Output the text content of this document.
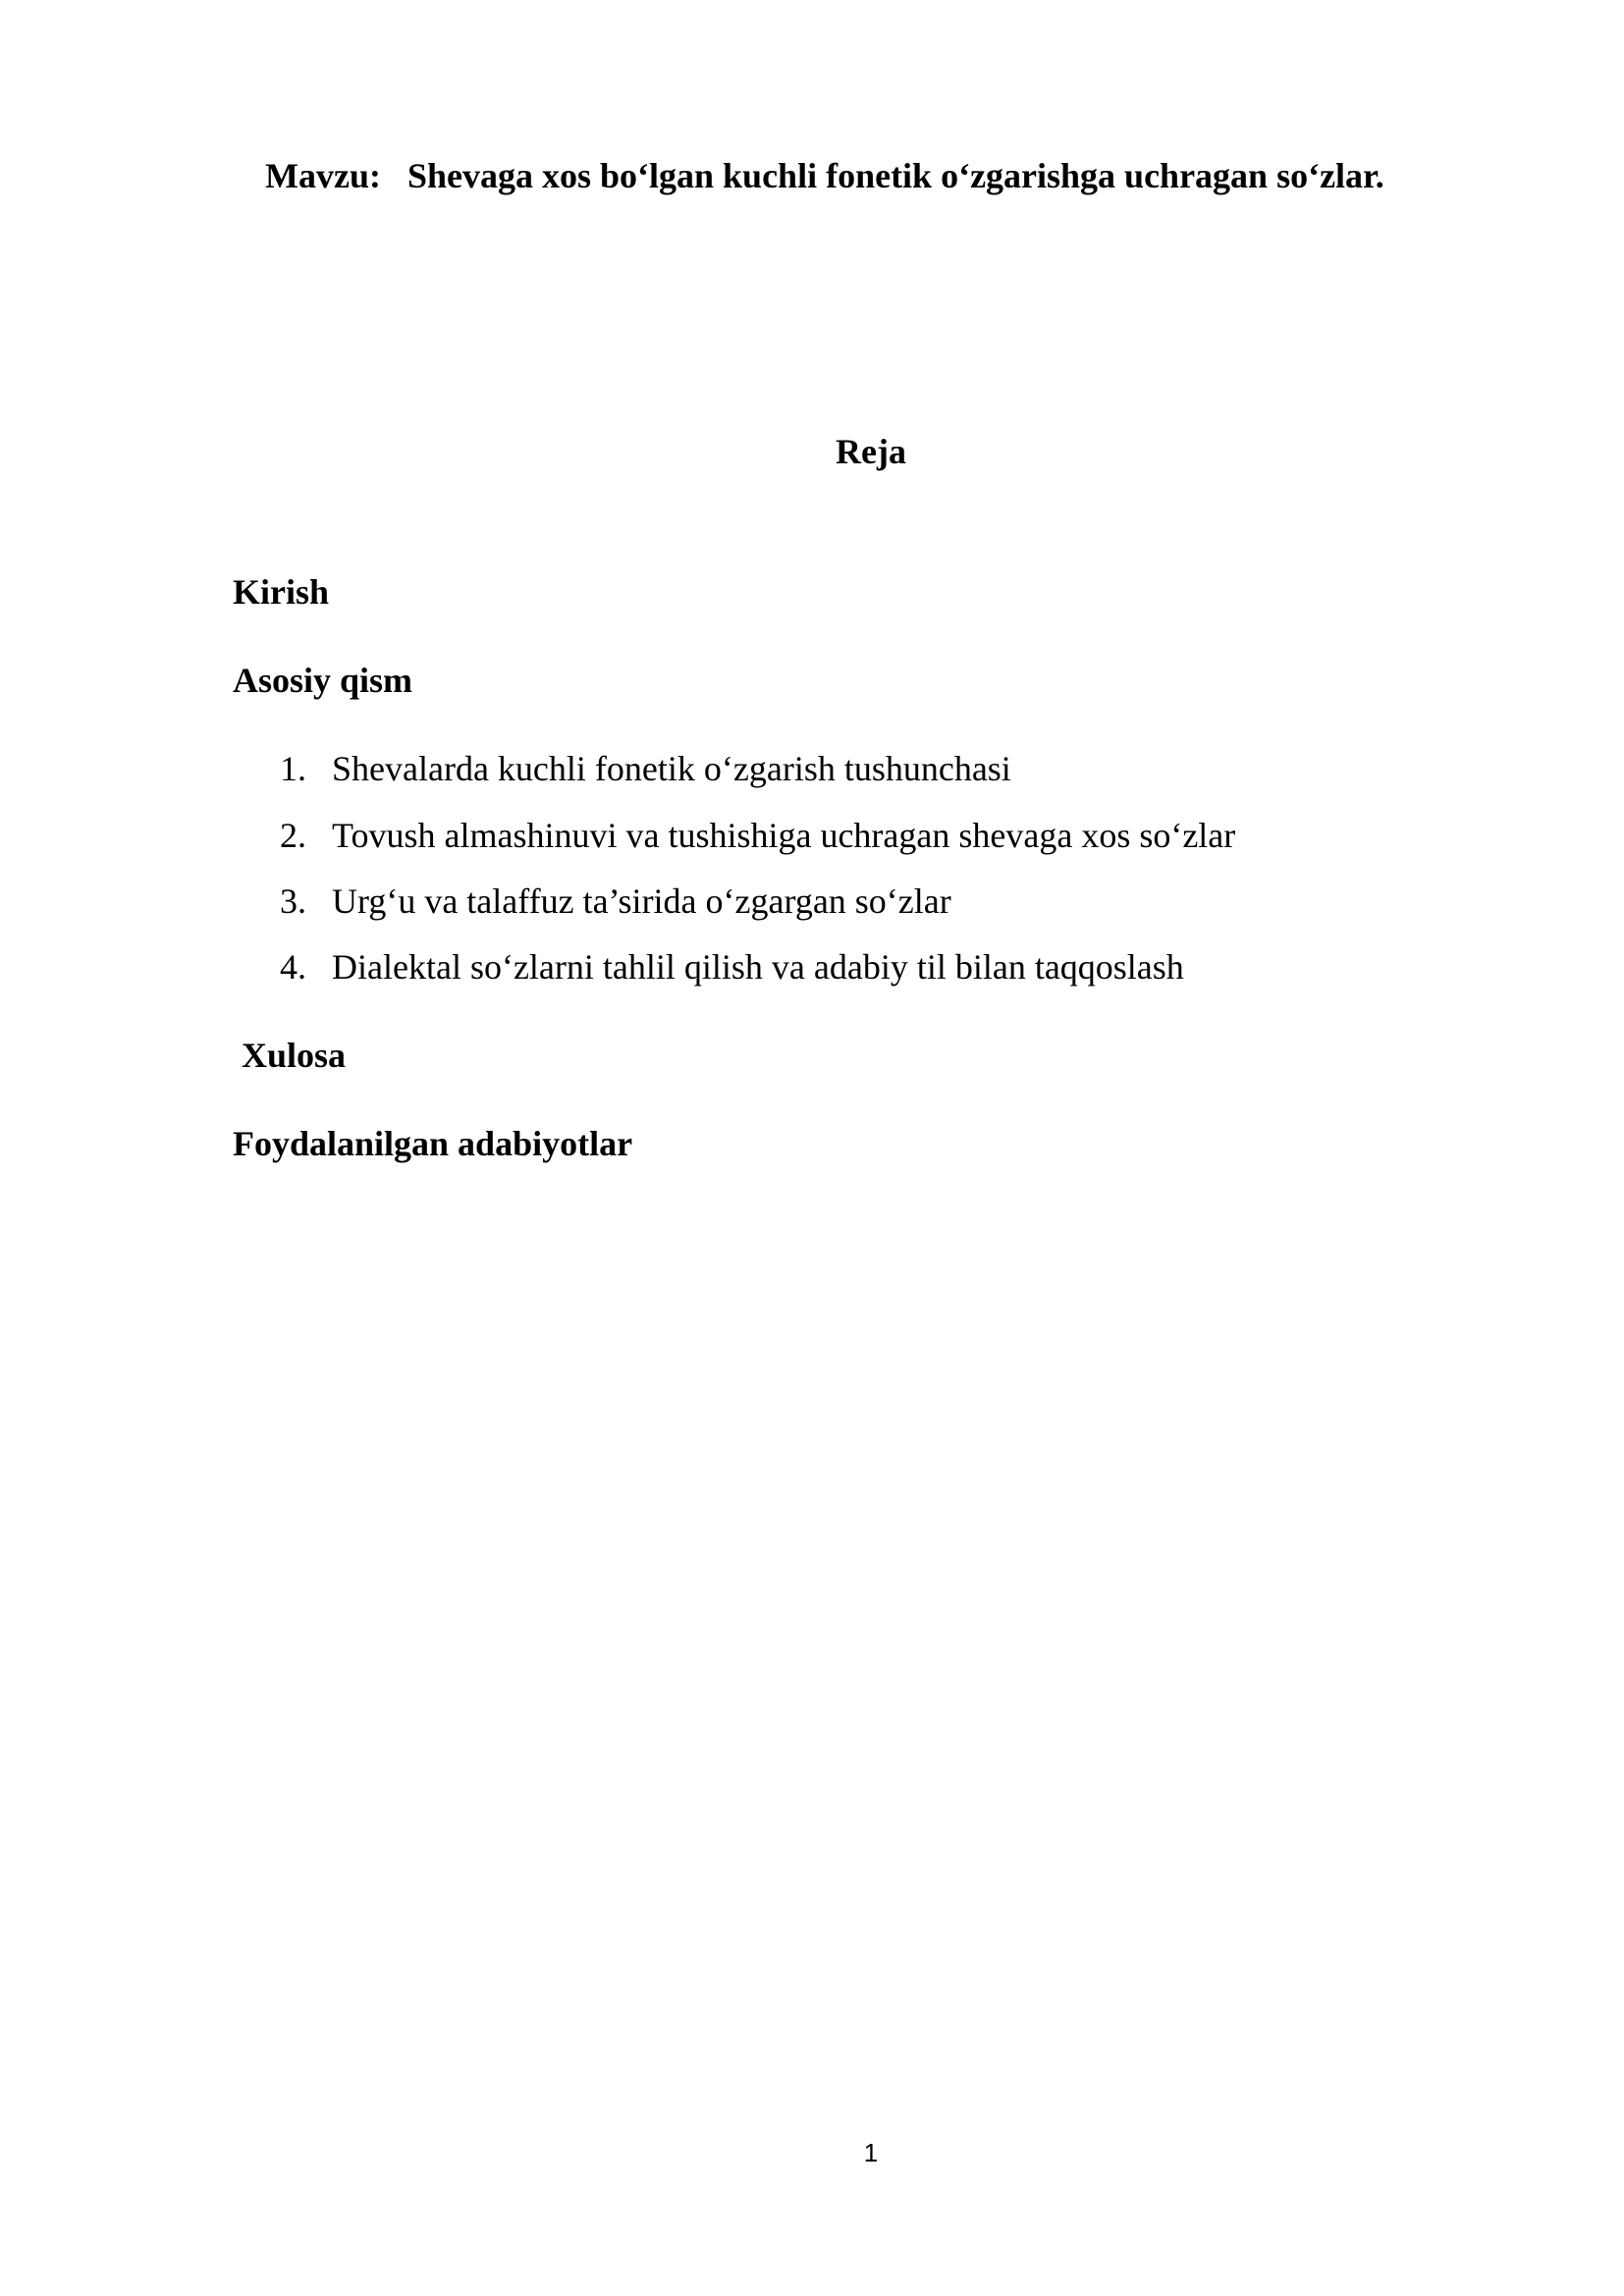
Mavzu: Shevaga xos bo‘lgan kuchli fonetik o‘zgarishga uchragan so‘zlar.
Reja
Kirish
Asosiy qism
1. Shevalarda kuchli fonetik o‘zgarish tushunchasi
2. Tovush almashinuvi va tushishiga uchragan shevaga xos so‘zlar
3. Urg‘u va talaffuz ta’sirida o‘zgargan so‘zlar
4. Dialektal so‘zlarni tahlil qilish va adabiy til bilan taqqoslash
Xulosa
Foydalanilgan adabiyotlar
1
